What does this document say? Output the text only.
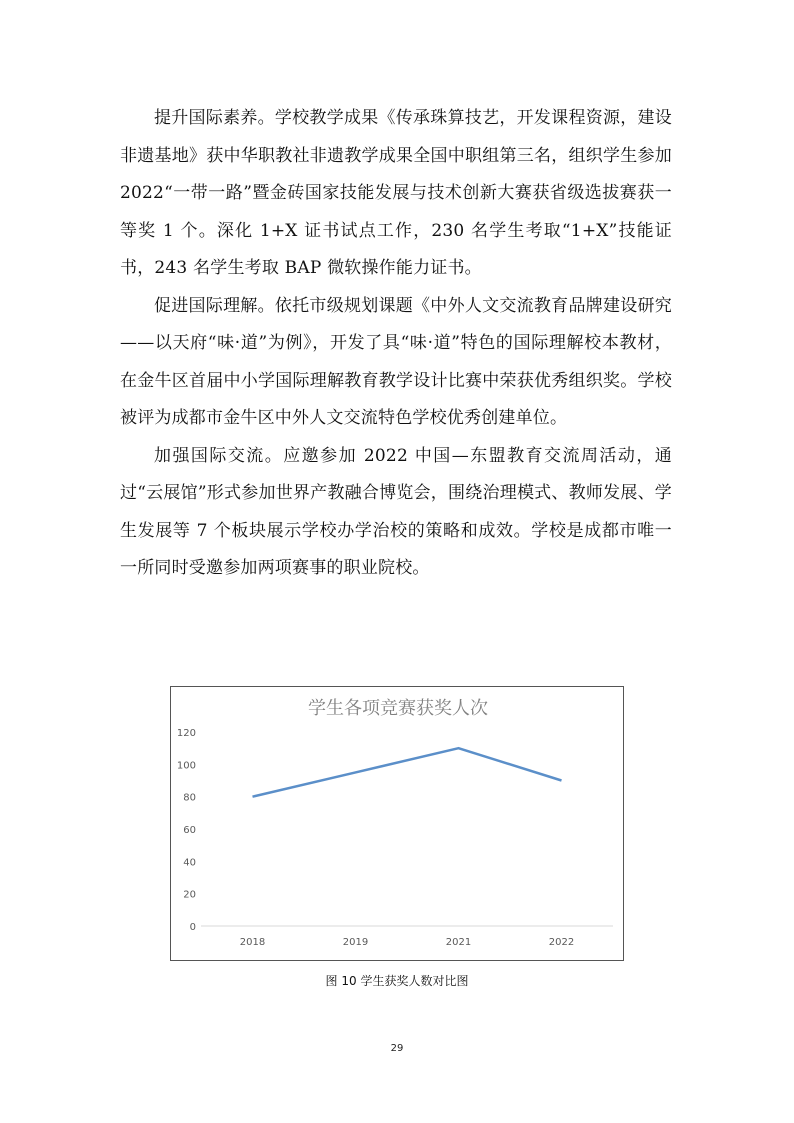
提升国际素养。学校教学成果《传承珠算技艺，开发课程资源，建设非遗基地》获中华职教社非遗教学成果全国中职组第三名，组织学生参加 2022“一带一路”暨金砖国家技能发展与技术创新大赛获省级选拔赛获一等奖 1 个。深化 1+X 证书试点工作，230 名学生考取“1+X”技能证书，243 名学生考取 BAP 微软操作能力证书。

促进国际理解。依托市级规划课题《中外人文交流教育品牌建设研究——以天府“味·道”为例》，开发了具“味·道”特色的国际理解校本教材，在金牛区首届中小学国际理解教育教学设计比赛中荣获优秀组织奖。学校被评为成都市金牛区中外人文交流特色学校优秀创建单位。

加强国际交流。应邀参加 2022 中国—东盟教育交流周活动，通过“云展馆”形式参加世界产教融合博览会，围绕治理模式、教师发展、学生发展等 7 个板块展示学校办学治校的策略和成效。学校是成都市唯一一所同时受邀参加两项赛事的职业院校。

学生各项竞赛获奖人次
0
20
40
60
80
100
120
2018	2019	2021	2022
图 10 学生获奖人数对比图
29
